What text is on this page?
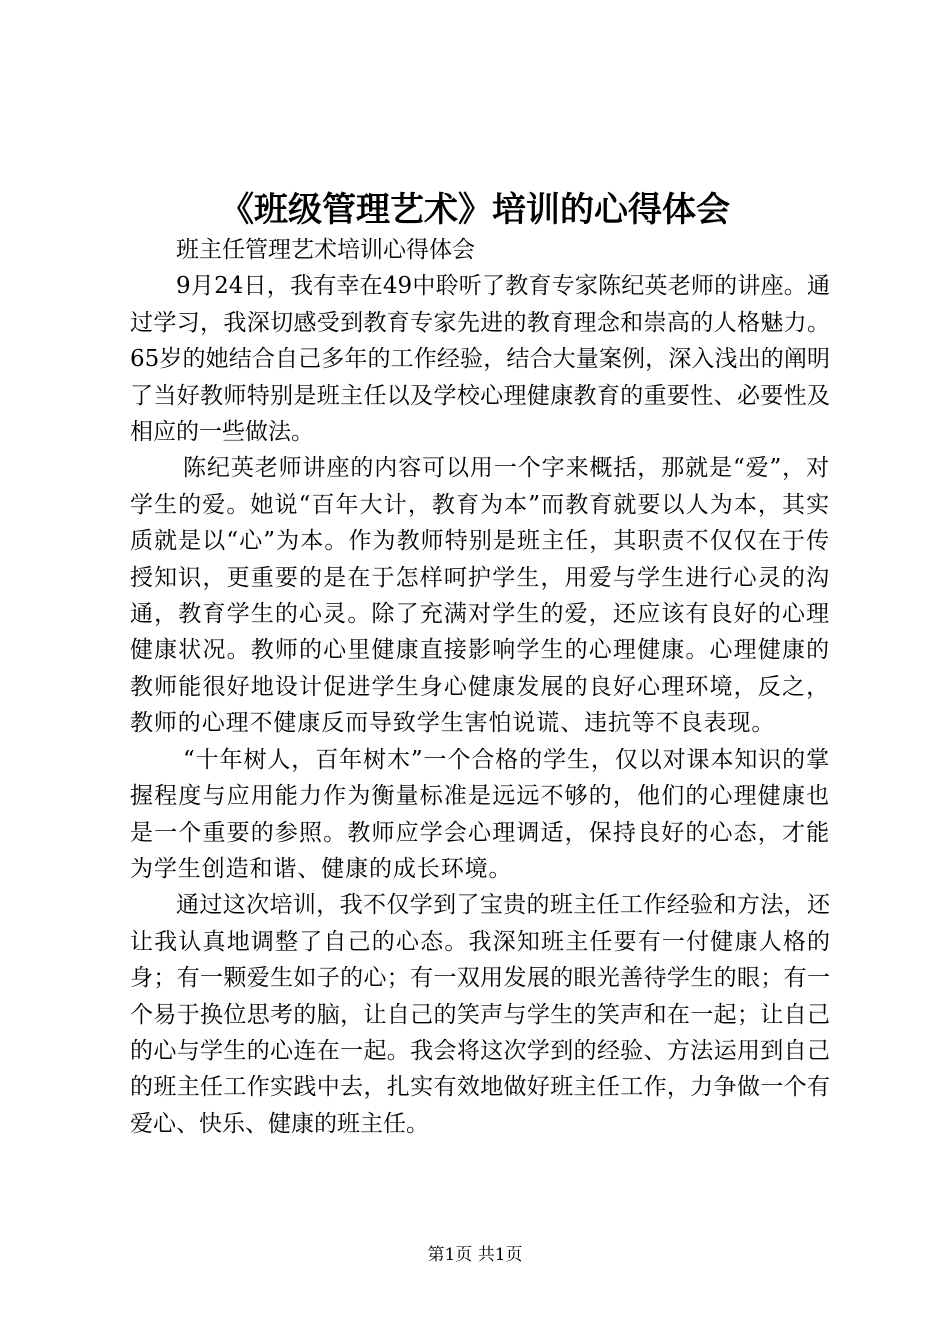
《班级管理艺术》培训的心得体会

班主任管理艺术培训心得体会

9月24日，我有幸在49中聆听了教育专家陈纪英老师的讲座。通过学习，我深切感受到教育专家先进的教育理念和崇高的人格魅力。65岁的她结合自己多年的工作经验，结合大量案例，深入浅出的阐明了当好教师特别是班主任以及学校心理健康教育的重要性、必要性及相应的一些做法。

陈纪英老师讲座的内容可以用一个字来概括，那就是“爱”，对学生的爱。她说“百年大计，教育为本”而教育就要以人为本，其实质就是以“心”为本。作为教师特别是班主任，其职责不仅仅在于传授知识，更重要的是在于怎样呵护学生，用爱与学生进行心灵的沟通，教育学生的心灵。除了充满对学生的爱，还应该有良好的心理健康状况。教师的心里健康直接影响学生的心理健康。心理健康的教师能很好地设计促进学生身心健康发展的良好心理环境，反之，教师的心理不健康反而导致学生害怕说谎、违抗等不良表现。

“十年树人，百年树木”一个合格的学生，仅以对课本知识的掌握程度与应用能力作为衡量标准是远远不够的，他们的心理健康也是一个重要的参照。教师应学会心理调适，保持良好的心态，才能为学生创造和谐、健康的成长环境。

通过这次培训，我不仅学到了宝贵的班主任工作经验和方法，还让我认真地调整了自己的心态。我深知班主任要有一付健康人格的身；有一颗爱生如子的心；有一双用发展的眼光善待学生的眼；有一个易于换位思考的脑，让自己的笑声与学生的笑声和在一起；让自己的心与学生的心连在一起。我会将这次学到的经验、方法运用到自己的班主任工作实践中去，扎实有效地做好班主任工作，力争做一个有爱心、快乐、健康的班主任。

第1页 共1页
